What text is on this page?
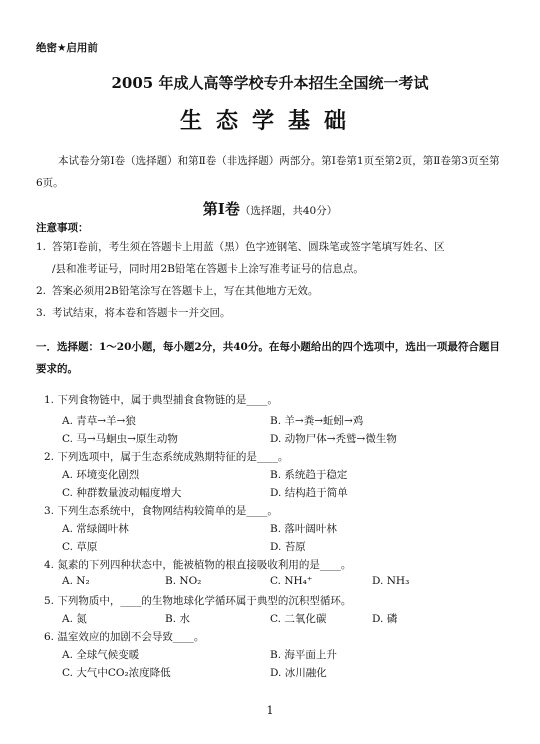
绝密★启用前
2005 年成人高等学校专升本招生全国统一考试
生态学基础
本试卷分第Ⅰ卷（选择题）和第Ⅱ卷（非选择题）两部分。第Ⅰ卷第1页至第2页，第Ⅱ卷第3页至第6页。
第Ⅰ卷（选择题，共40分）
注意事项：
1. 答第Ⅰ卷前，考生须在答题卡上用蓝（黑）色字迹钢笔、圆珠笔或签字笔填写姓名、区
/县和准考证号，同时用2B铅笔在答题卡上涂写准考证号的信息点。
2. 答案必须用2B铅笔涂写在答题卡上，写在其他地方无效。
3. 考试结束，将本卷和答题卡一并交回。
一．选择题：1～20小题，每小题2分，共40分。在每小题给出的四个选项中，选出一项最符合题目要求的。
1. 下列食物链中，属于典型捕食食物链的是____。
A. 青草→羊→狼	B. 羊→粪→蚯蚓→鸡
C. 马→马蛔虫→原生动物	D. 动物尸体→秃鹫→微生物
2. 下列选项中，属于生态系统成熟期特征的是____。
A. 环境变化剧烈	B. 系统趋于稳定
C. 种群数量波动幅度增大	D. 结构趋于简单
3. 下列生态系统中，食物网结构较简单的是____。
A. 常绿阔叶林	B. 落叶阔叶林
C. 草原	D. 苔原
4. 氮素的下列四种状态中，能被植物的根直接吸收利用的是____。
A. N₂	B. NO₂	C. NH₄⁺	D. NH₃
5. 下列物质中，____的生物地球化学循环属于典型的沉积型循环。
A. 氮	B. 水	C. 二氧化碳	D. 磷
6. 温室效应的加剧不会导致____。
A. 全球气候变暖	B. 海平面上升
C. 大气中CO₂浓度降低	D. 冰川融化
1
